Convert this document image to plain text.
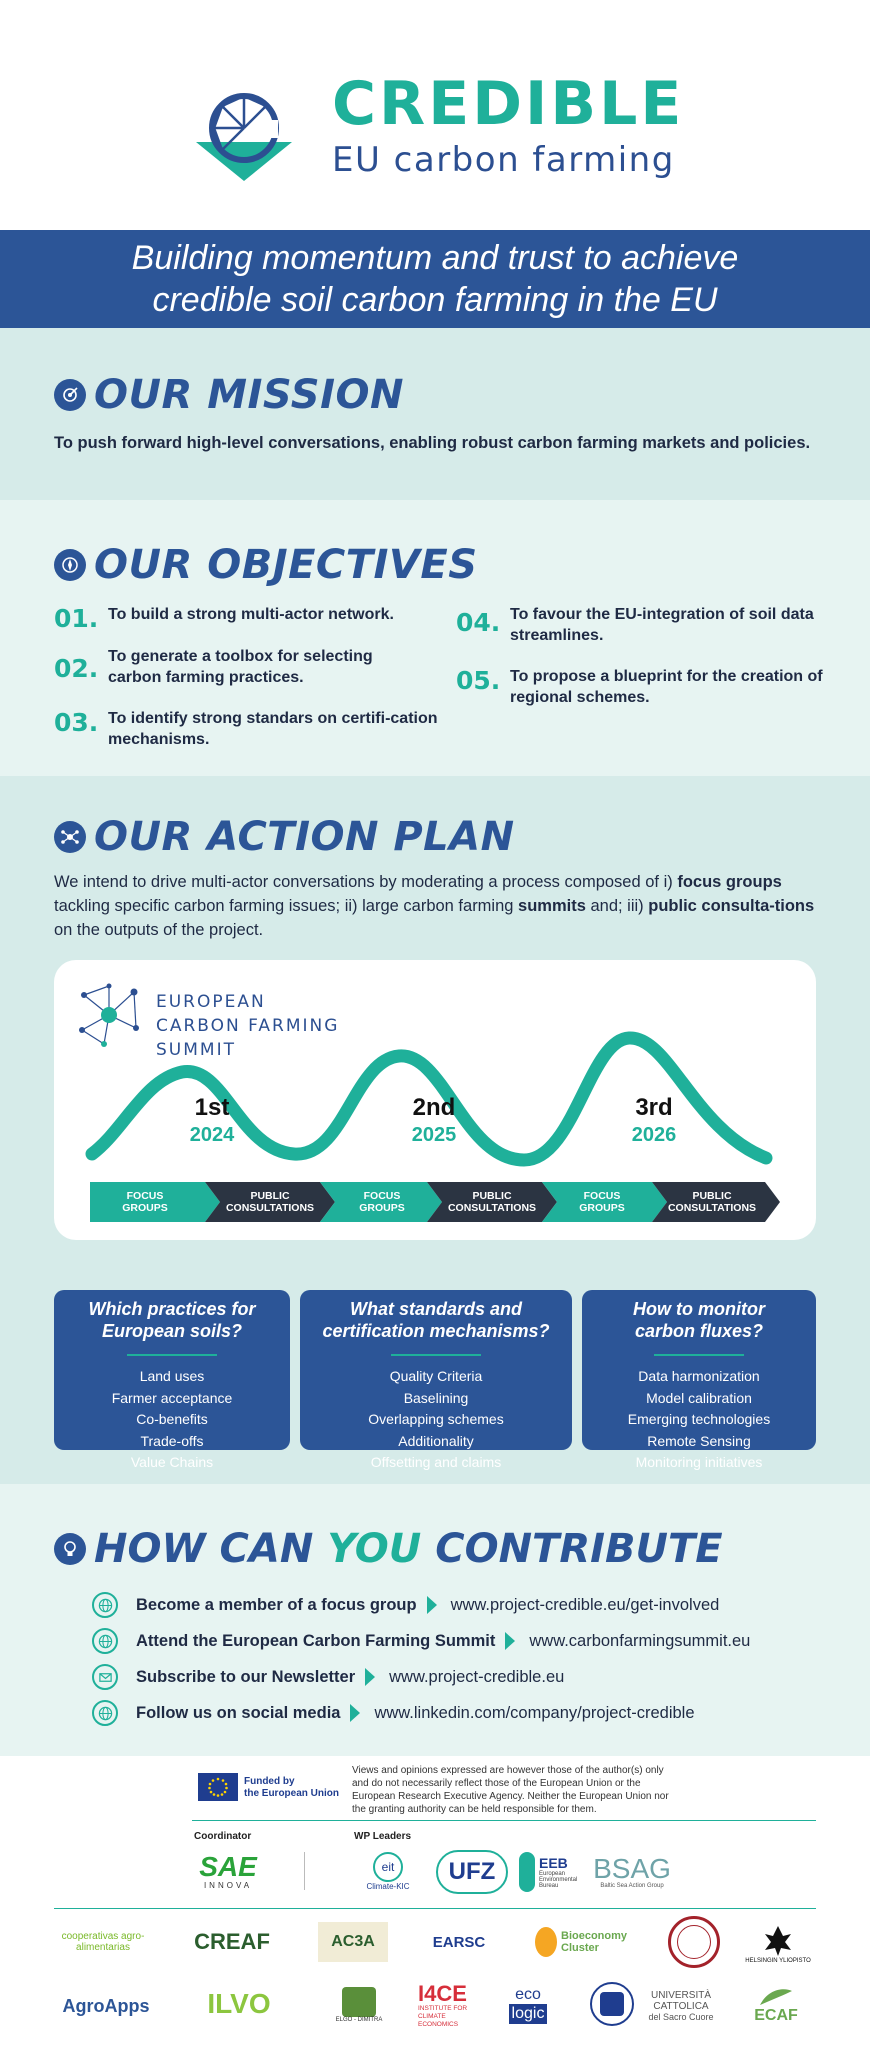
CREDIBLE
EU carbon farming
Building momentum and trust to achieve
credible soil carbon farming in the EU
OUR MISSION
To push forward high-level conversations, enabling robust carbon farming markets and policies.
OUR OBJECTIVES
01. To build a strong multi-actor network.
02. To generate a toolbox for selecting carbon farming practices.
03. To identify strong standars on certifi-cation mechanisms.
04. To favour the EU-integration of soil data streamlines.
05. To propose a blueprint for the creation of regional schemes.
OUR ACTION PLAN
We intend to drive multi-actor conversations by moderating a process composed of i) focus groups tackling specific carbon farming issues; ii) large carbon farming summits and; iii) public consulta-tions on the outputs of the project.
EUROPEAN
CARBON FARMING
SUMMIT
1st
2024
2nd
2025
3rd
2026
FOCUS
GROUPS
PUBLIC
CONSULTATIONS
FOCUS
GROUPS
PUBLIC
CONSULTATIONS
FOCUS
GROUPS
PUBLIC
CONSULTATIONS
Which practices for
European soils?
Land uses
Farmer acceptance
Co-benefits
Trade-offs
Value Chains
What standards and
certification mechanisms?
Quality Criteria
Baselining
Overlapping schemes
Additionality
Offsetting and claims
How to monitor
carbon fluxes?
Data harmonization
Model calibration
Emerging technologies
Remote Sensing
Monitoring initiatives
HOW CAN YOU CONTRIBUTE
Become a member of a focus group www.project-credible.eu/get-involved
Attend the European Carbon Farming Summit www.carbonfarmingsummit.eu
Subscribe to our Newsletter www.project-credible.eu
Follow us on social media www.linkedin.com/company/project-credible
Funded by
the European Union
Views and opinions expressed are however those of the author(s) only and do not necessarily reflect those of the European Union or the European Research Executive Agency. Neither the European Union nor the granting authority can be held responsible for them.
Coordinator	WP Leaders
SAE
INNOVA
eit
Climate-KIC
UFZ	EEB
European Environmental Bureau
BSAG
Baltic Sea Action Group
cooperativas agro-alimentarias	CREAF	AC3A	EARSC	Bioeconomy Cluster
HELSINGIN YLIOPISTO
AgroApps	ILVO
ELGO - DIMITRA
I4CE
INSTITUTE FOR CLIMATE ECONOMICS
eco
logic
UNIVERSITÀ
CATTOLICA
del Sacro Cuore	ECAF
